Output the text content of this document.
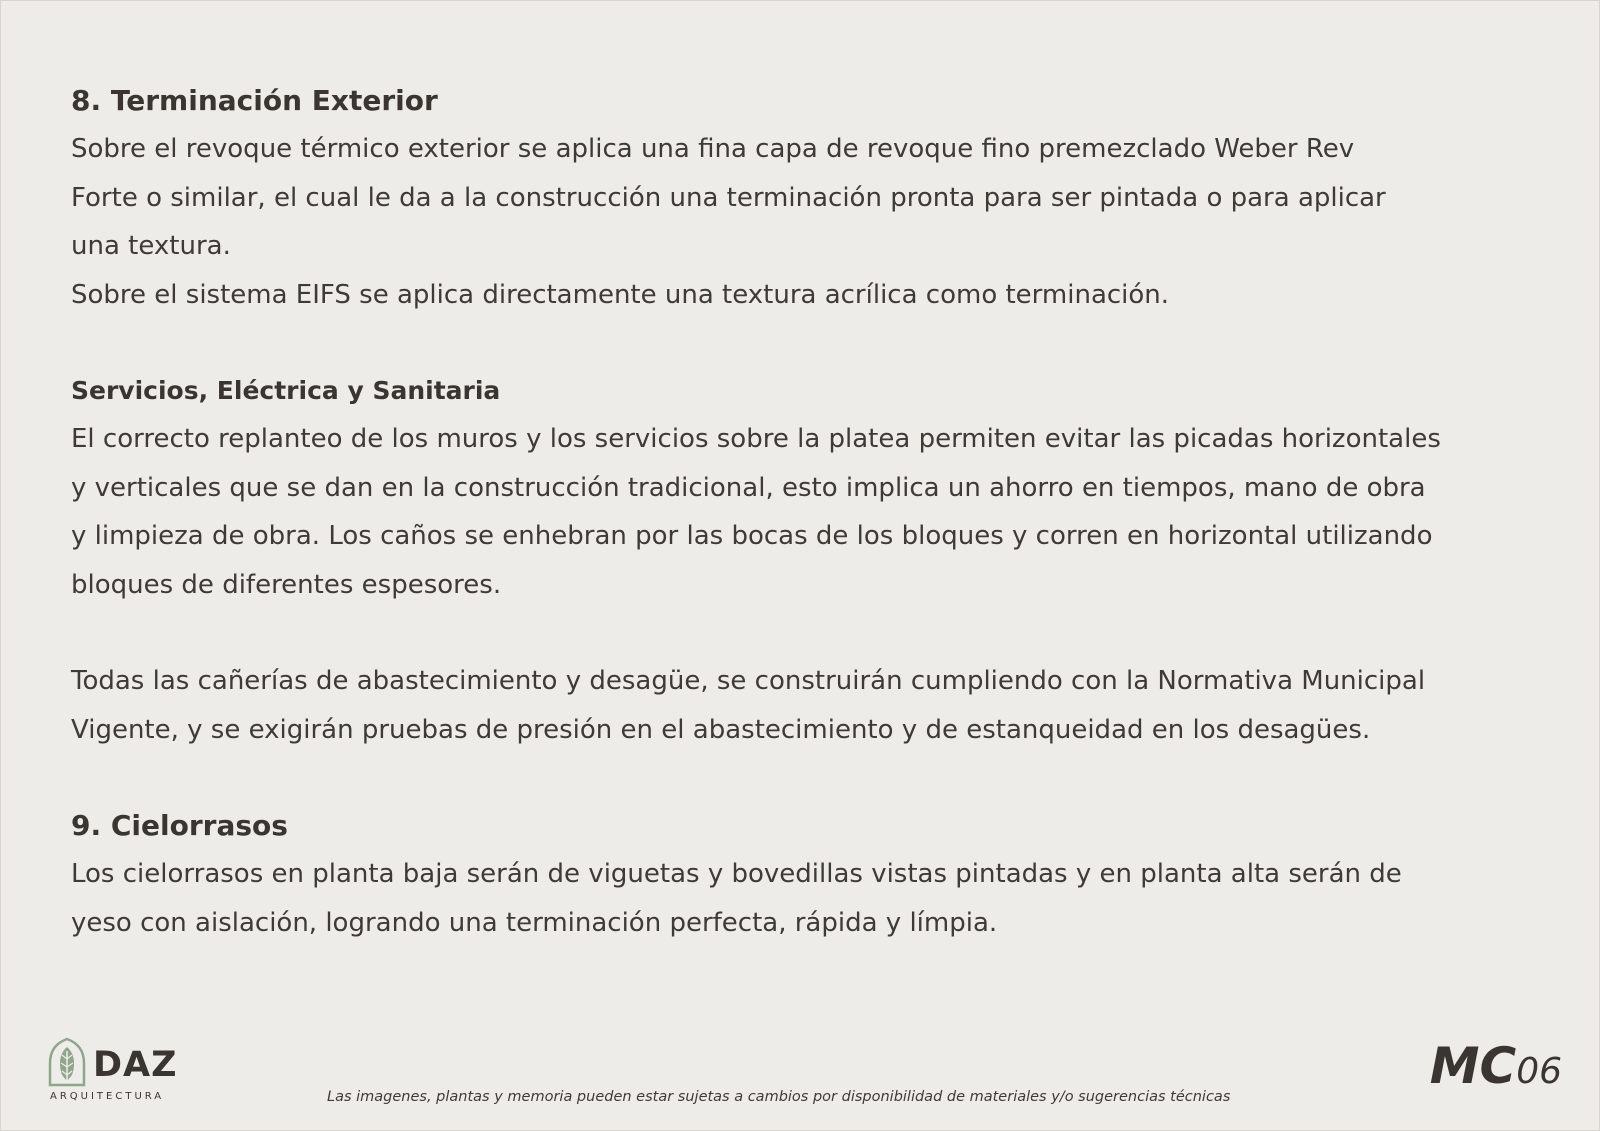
8. Terminación Exterior

Sobre el revoque térmico exterior se aplica una fina capa de revoque fino premezclado Weber Rev

Forte o similar, el cual le da a la construcción una terminación pronta para ser pintada o para aplicar

una textura.

Sobre el sistema EIFS se aplica directamente una textura acrílica como terminación.

Servicios, Eléctrica y Sanitaria

El correcto replanteo de los muros y los servicios sobre la platea permiten evitar las picadas horizontales

y verticales que se dan en la construcción tradicional, esto implica un ahorro en tiempos, mano de obra

y limpieza de obra. Los caños se enhebran por las bocas de los bloques y corren en horizontal utilizando

bloques de diferentes espesores.

Todas las cañerías de abastecimiento y desagüe, se construirán cumpliendo con la Normativa Municipal

Vigente, y se exigirán pruebas de presión en el abastecimiento y de estanqueidad en los desagües.

9. Cielorrasos

Los cielorrasos en planta baja serán de viguetas y bovedillas vistas pintadas y en planta alta serán de

yeso con aislación, logrando una terminación perfecta, rápida y límpia.

DAZ
ARQUITECTURA	Las imagenes, plantas y memoria pueden estar sujetas a cambios por disponibilidad de materiales y/o sugerencias técnicas
MC06
